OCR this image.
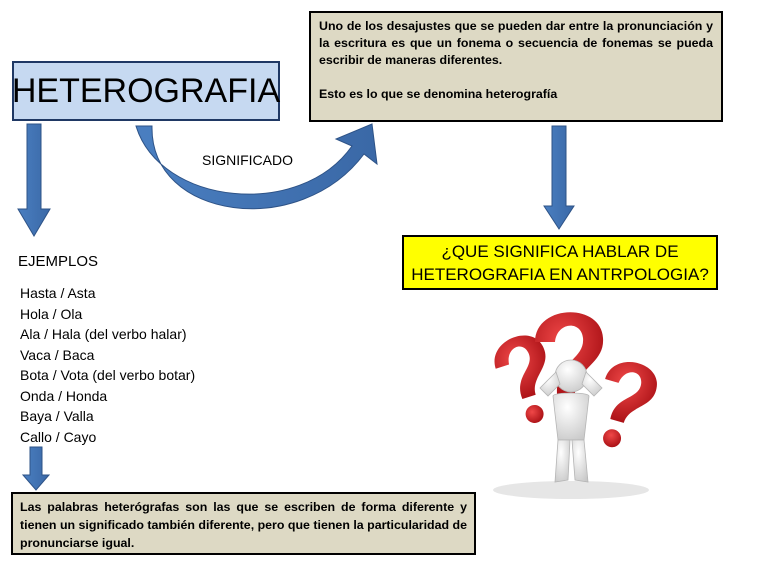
HETEROGRAFIA

Uno de los desajustes que se pueden dar entre la pronunciación y la escritura es que un fonema o secuencia de fonemas se pueda escribir de maneras diferentes.

Esto es lo que se denomina heterografía

SIGNIFICADO
¿QUE SIGNIFICA HABLAR DE HETEROGRAFIA EN ANTRPOLOGIA?
EJEMPLOS
Hasta / Asta
Hola / Ola
Ala / Hala (del verbo halar)
Vaca / Baca
Bota / Vota (del verbo botar)
Onda / Honda
Baya / Valla
Callo / Cayo
Las palabras heterógrafas son las que se escriben de forma diferente y tienen un significado también diferente, pero que tienen la particularidad de pronunciarse igual.
